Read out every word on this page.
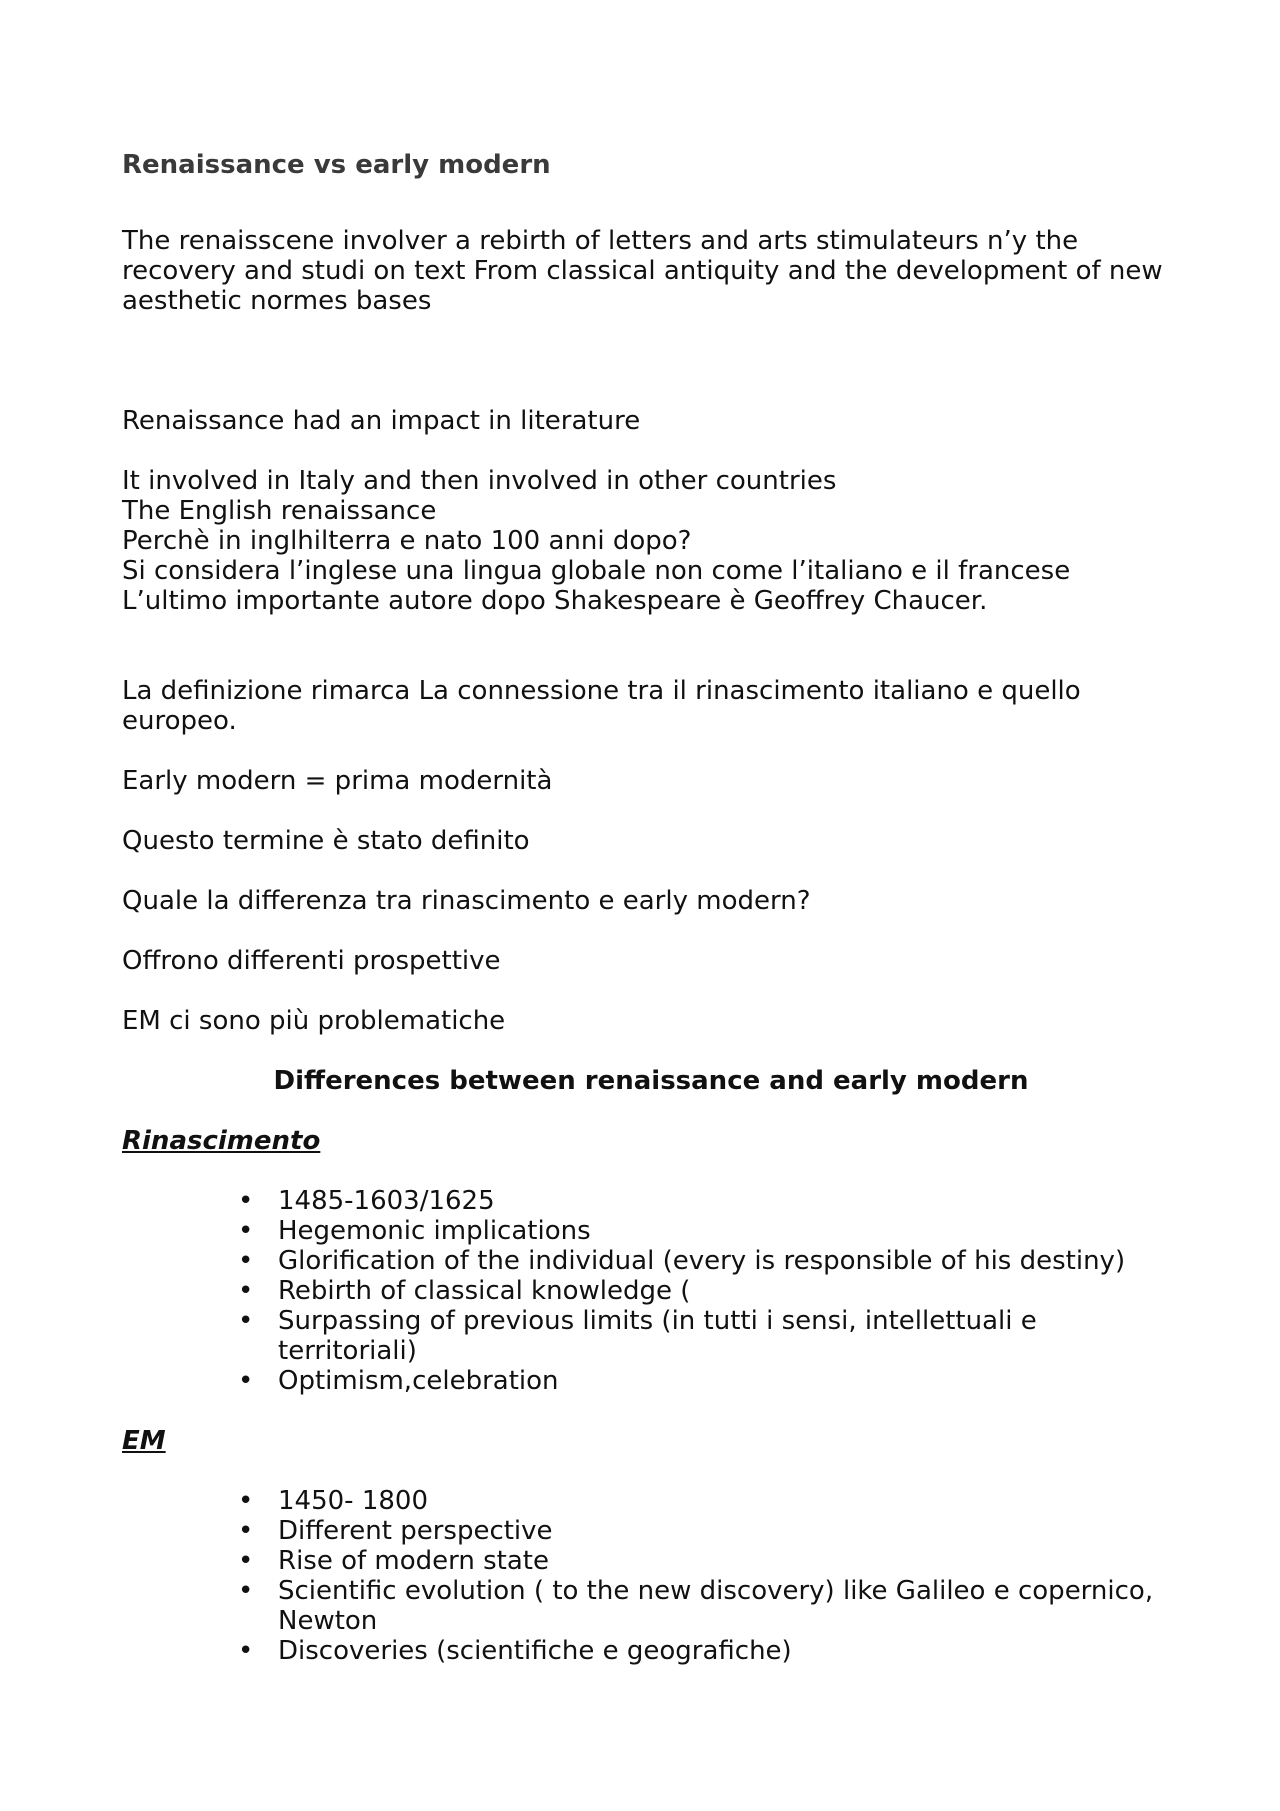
Renaissance vs early modern

The renaisscene involver a rebirth of letters and arts stimulateurs n’y the recovery and studi on text From classical antiquity and the development of new aesthetic normes bases

Renaissance had an impact in literature

It involved in Italy and then involved in other countries

The English renaissance

Perchè in inglhilterra e nato 100 anni dopo?

Si considera l’inglese una lingua globale non come l’italiano e il francese

L’ultimo importante autore dopo Shakespeare è Geoffrey Chaucer.

La definizione rimarca La connessione tra il rinascimento italiano e quello europeo.

Early modern = prima modernità

Questo termine è stato definito

Quale la differenza tra rinascimento e early modern?

Offrono differenti prospettive

EM ci sono più problematiche

Differences between renaissance and early modern

Rinascimento

• 1485-1603/1625
• Hegemonic implications
• Glorification of the individual (every is responsible of his destiny)
• Rebirth of classical knowledge (
• Surpassing of previous limits (in tutti i sensi, intellettuali e territoriali)
• Optimism,celebration

EM

• 1450- 1800
• Different perspective
• Rise of modern state
• Scientific evolution ( to the new discovery) like Galileo e copernico, Newton
• Discoveries (scientifiche e geografiche)
